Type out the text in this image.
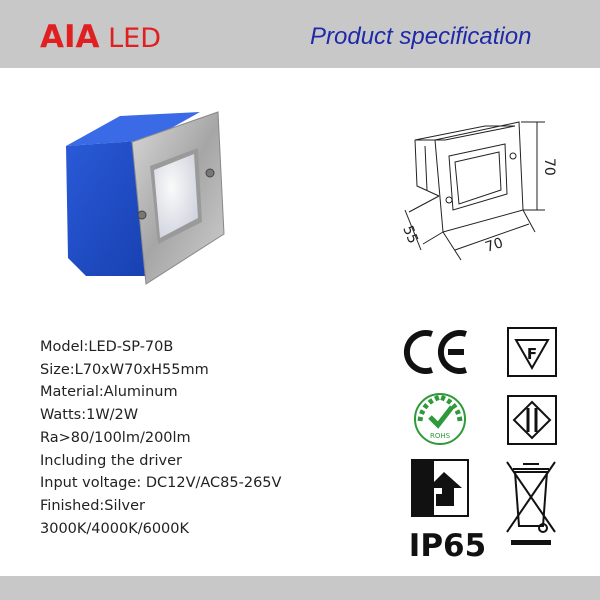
AIA LED	Product specification
70
70
55
Model:LED-SP-70B
Size:L70xW70xH55mm
Material:Aluminum
Watts:1W/2W
Ra>80/100lm/200lm
Including the driver
Input voltage: DC12V/AC85-265V
Finished:Silver
3000K/4000K/6000K
F
ROHS
IP65
